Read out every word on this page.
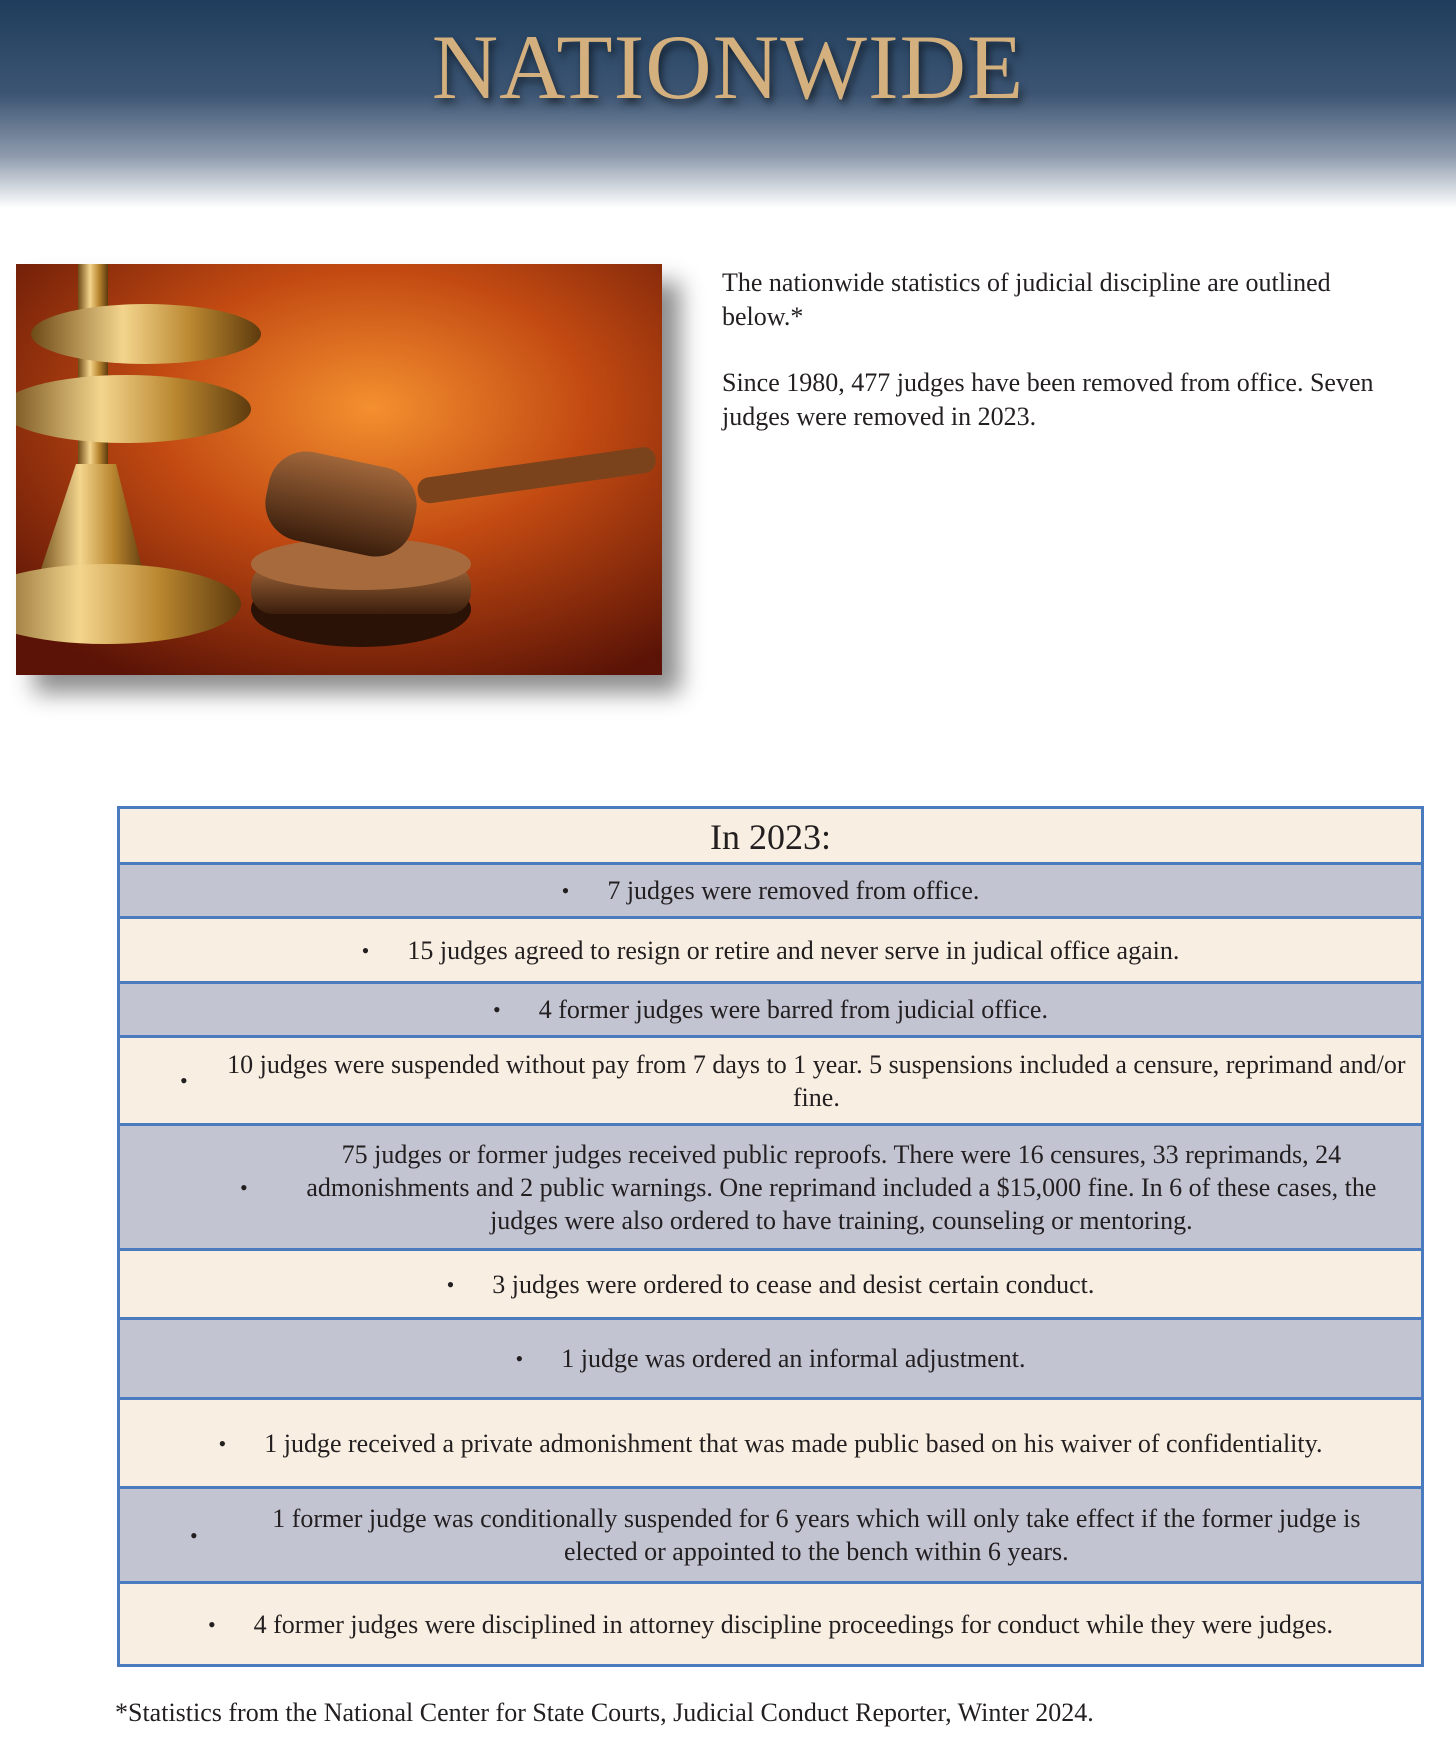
NATIONWIDE

The nationwide statistics of judicial discipline are outlined below.*

Since 1980, 477 judges have been removed from office. Seven judges were removed in 2023.

In 2023:
• 7 judges were removed from office.
• 15 judges agreed to resign or retire and never serve in judical office again.
• 4 former judges were barred from judicial office.
•
10 judges were suspended without pay from 7 days to 1 year. 5 suspensions included a censure, reprimand and/or fine.
•
75 judges or former judges received public reproofs. There were 16 censures, 33 reprimands, 24 admonishments and 2 public warnings. One reprimand included a $15,000 fine. In 6 of these cases, the judges were also ordered to have training, counseling or mentoring.
• 3 judges were ordered to cease and desist certain conduct.
• 1 judge was ordered an informal adjustment.
• 1 judge received a private admonishment that was made public based on his waiver of confidentiality.
•
1 former judge was conditionally suspended for 6 years which will only take effect if the former judge is elected or appointed to the bench within 6 years.
• 4 former judges were disciplined in attorney discipline proceedings for conduct while they were judges.
*Statistics from the National Center for State Courts, Judicial Conduct Reporter, Winter 2024.
